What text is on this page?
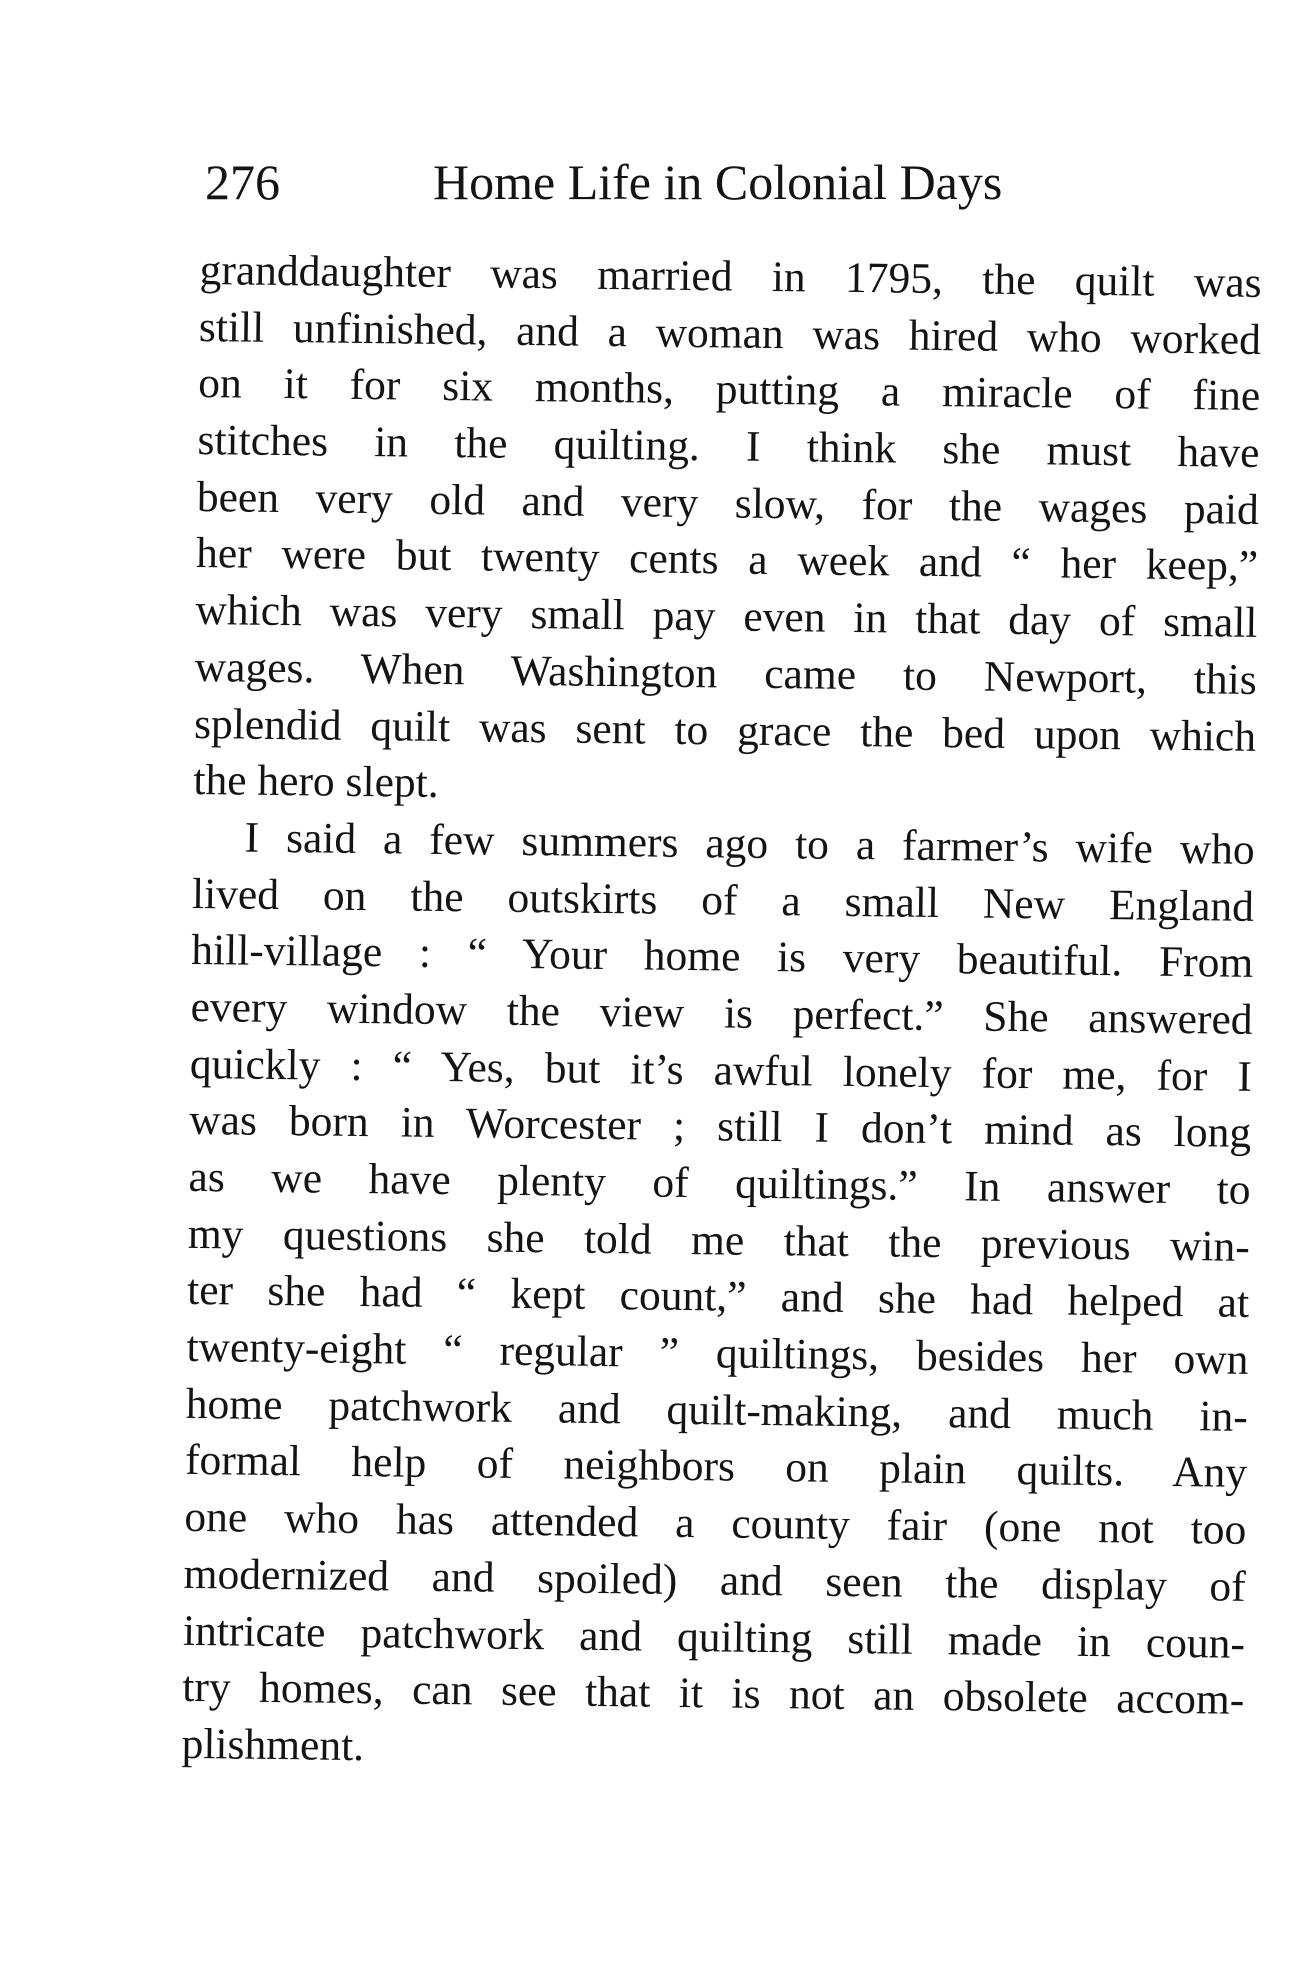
276	Home Life in Colonial Days
granddaughter was married in 1795, the quilt was
still unfinished, and a woman was hired who worked
on it for six months, putting a miracle of fine
stitches in the quilting. I think she must have
been very old and very slow, for the wages paid
her were but twenty cents a week and “ her keep,”
which was very small pay even in that day of small
wages. When Washington came to Newport, this
splendid quilt was sent to grace the bed upon which
the hero slept.
I said a few summers ago to a farmer’s wife who
lived on the outskirts of a small New England
hill-village : “ Your home is very beautiful. From
every window the view is perfect.” She answered
quickly : “ Yes, but it’s awful lonely for me, for I
was born in Worcester ; still I don’t mind as long
as we have plenty of quiltings.” In answer to
my questions she told me that the previous win-
ter she had “ kept count,” and she had helped at
twenty-eight “ regular ” quiltings, besides her own
home patchwork and quilt-making, and much in-
formal help of neighbors on plain quilts. Any
one who has attended a county fair (one not too
modernized and spoiled) and seen the display of
intricate patchwork and quilting still made in coun-
try homes, can see that it is not an obsolete accom-
plishment.
